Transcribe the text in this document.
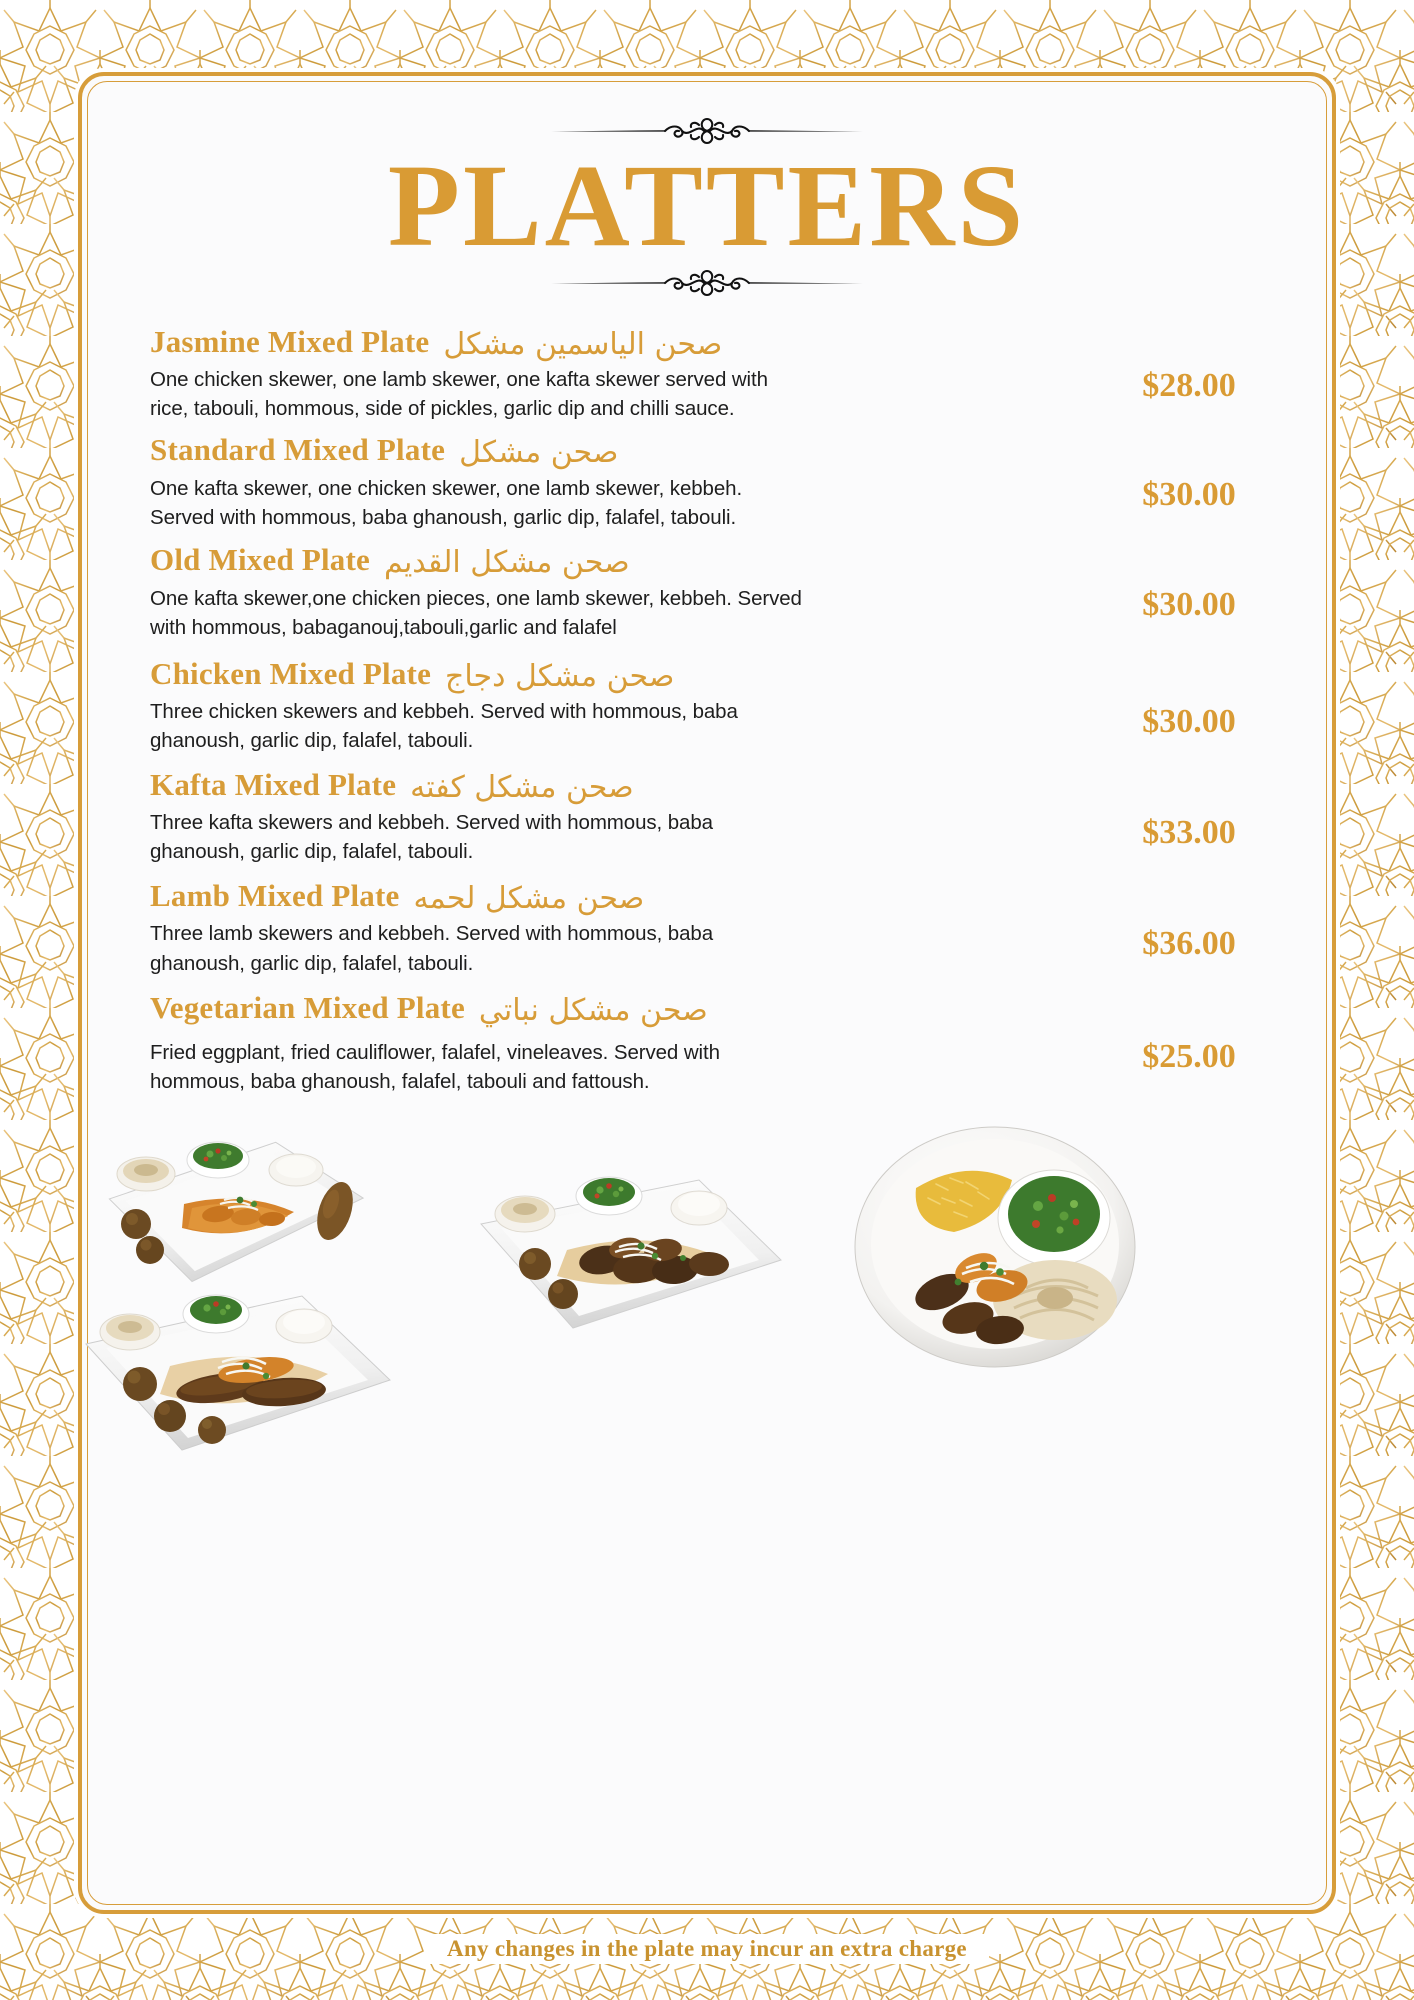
PLATTERS
Jasmine Mixed Plate صحن الياسمين مشكل
One chicken skewer, one lamb skewer, one kafta skewer served with rice, tabouli, hommous, side of pickles, garlic dip and chilli sauce.
$28.00
Standard Mixed Plate صحن مشكل
One kafta skewer, one chicken skewer, one lamb skewer, kebbeh. Served with hommous, baba ghanoush, garlic dip, falafel, tabouli.
$30.00
Old Mixed Plate صحن مشكل القديم
One kafta skewer,one chicken pieces, one lamb skewer, kebbeh. Served with hommous, babaganouj,tabouli,garlic and falafel
$30.00
Chicken Mixed Plate صحن مشكل دجاج
Three chicken skewers and kebbeh. Served with hommous, baba ghanoush, garlic dip, falafel, tabouli.
$30.00
Kafta Mixed Plate صحن مشكل كفته
Three kafta skewers and kebbeh. Served with hommous, baba ghanoush, garlic dip, falafel, tabouli.
$33.00
Lamb Mixed Plate صحن مشكل لحمه
Three lamb skewers and kebbeh. Served with hommous, baba ghanoush, garlic dip, falafel, tabouli.
$36.00
Vegetarian Mixed Plate صحن مشكل نباتي
Fried eggplant, fried cauliflower, falafel, vineleaves. Served with hommous, baba ghanoush, falafel, tabouli and fattoush.
$25.00
Any changes in the plate may incur an extra charge
